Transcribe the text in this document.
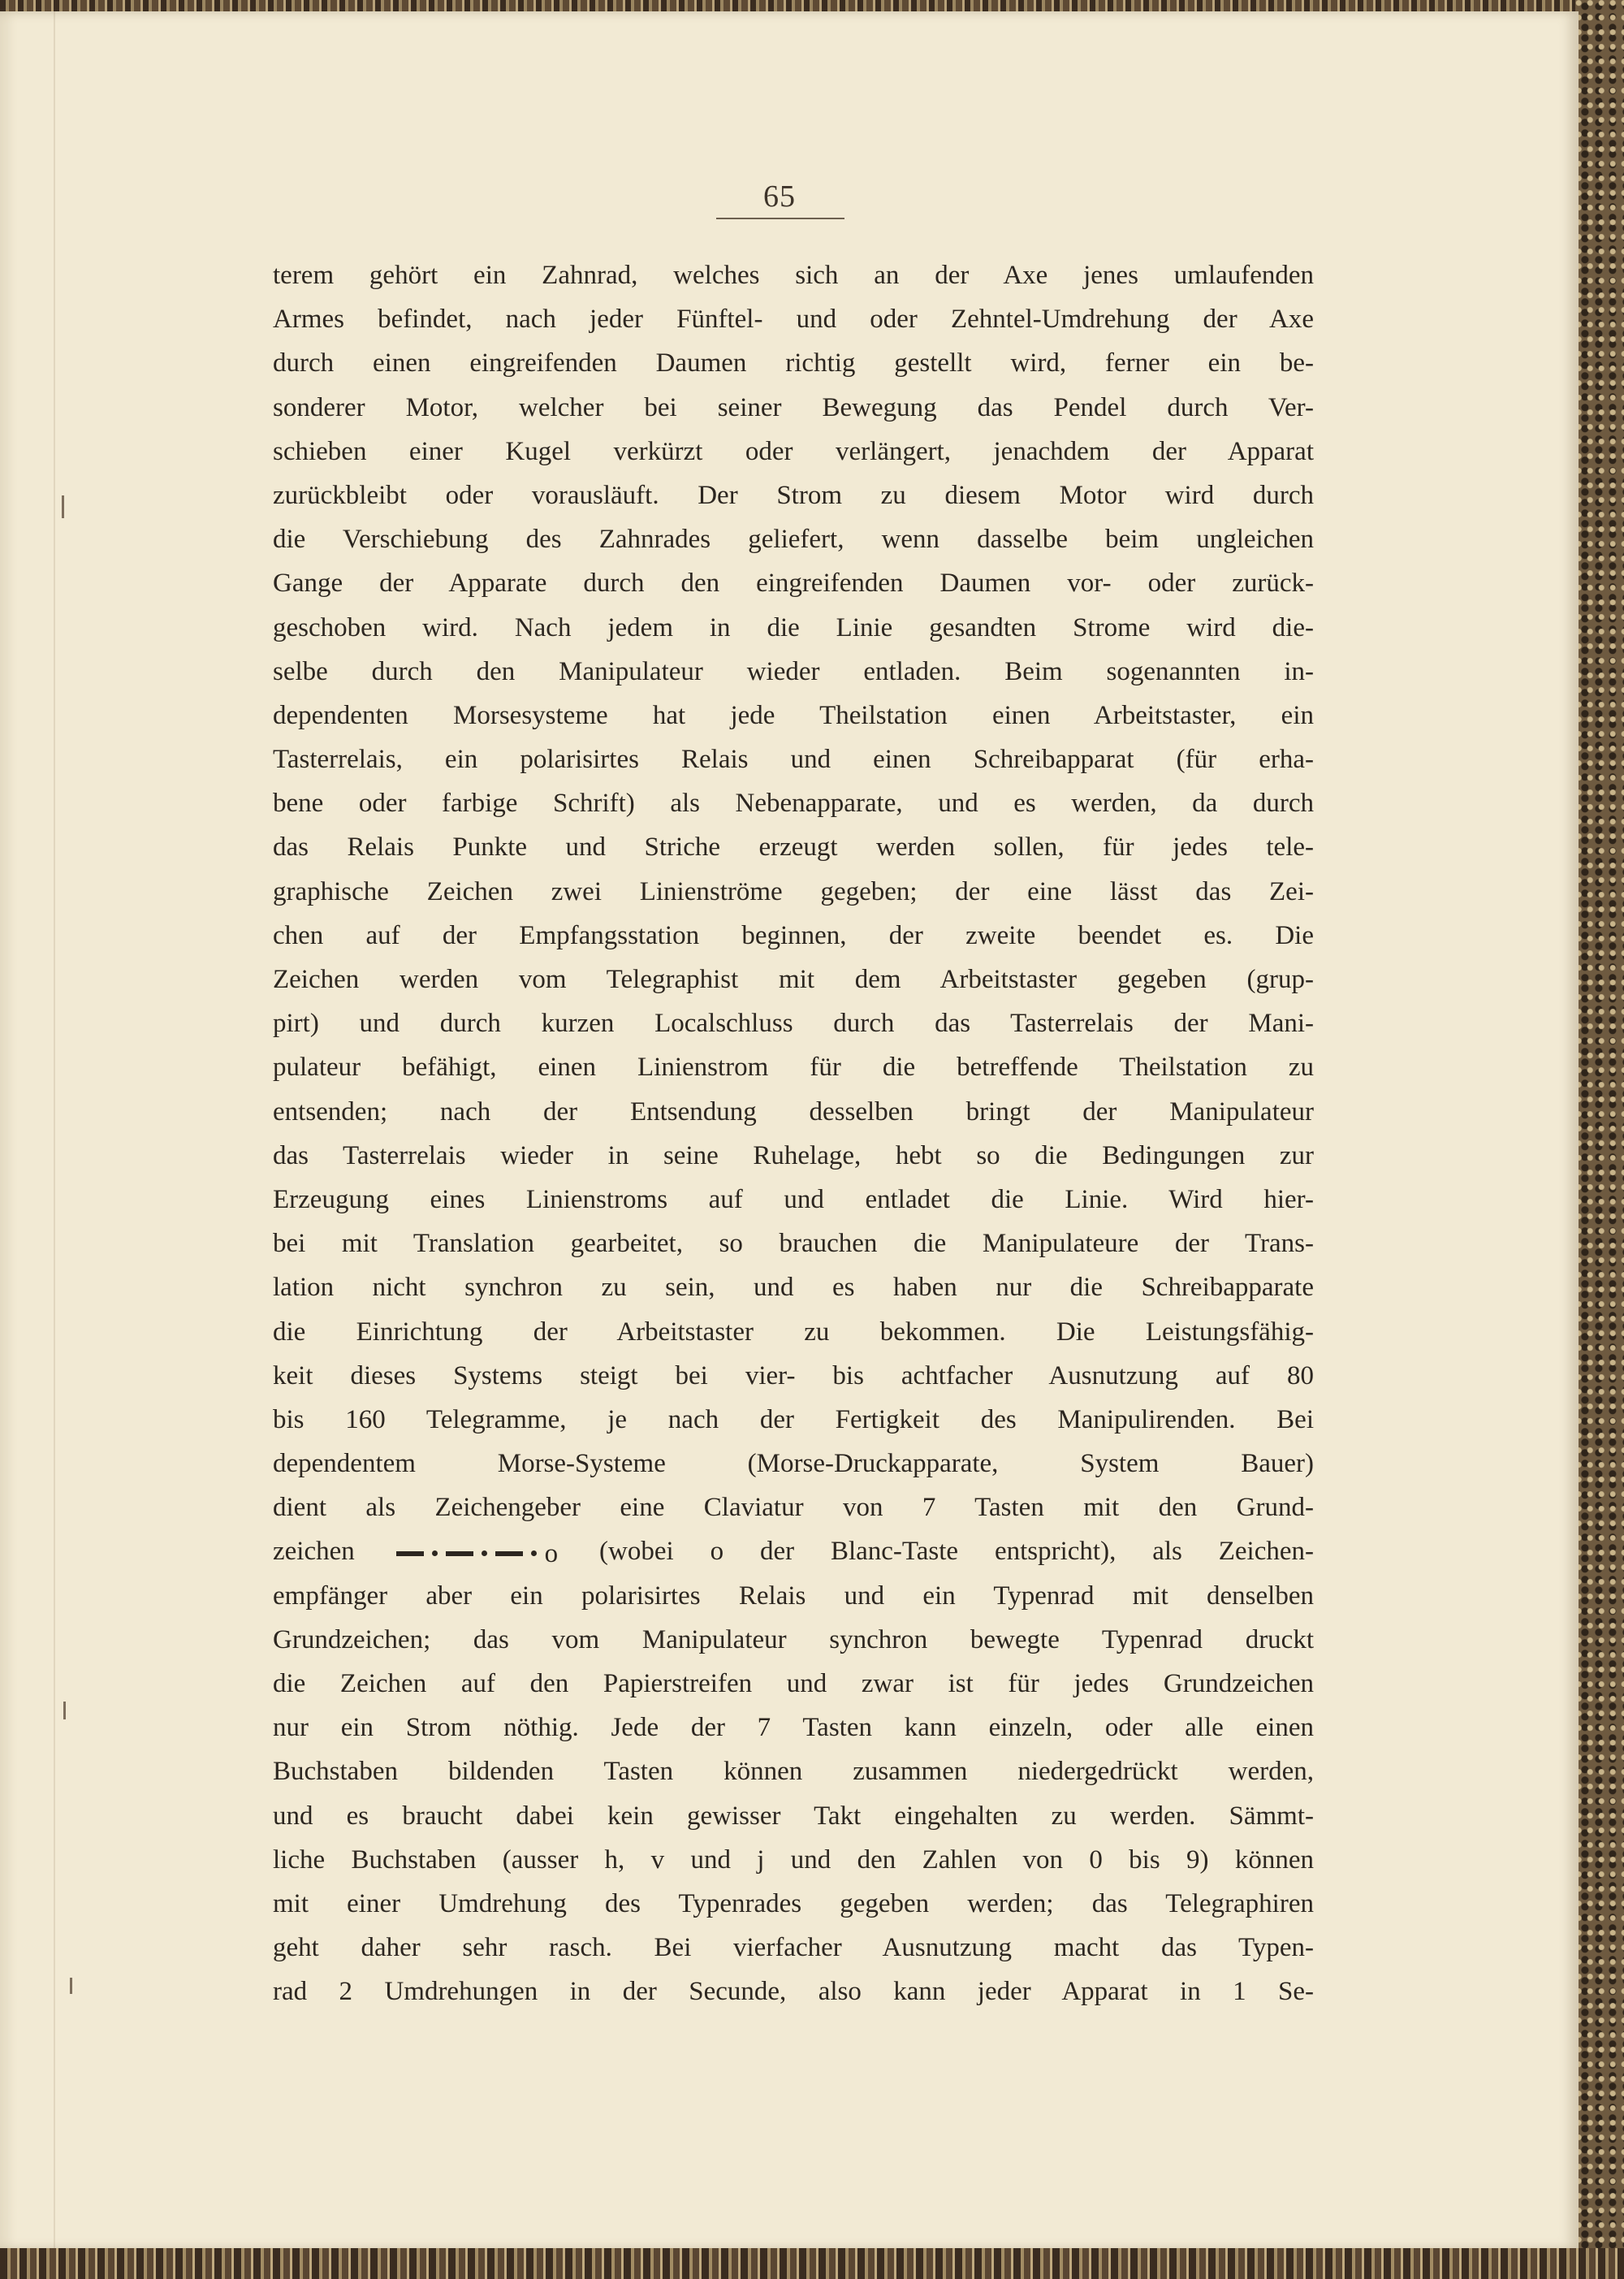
65
terem gehört ein Zahnrad, welches sich an der Axe jenes umlaufenden
Armes befindet, nach jeder Fünftel- und oder Zehntel-Umdrehung der Axe
durch einen eingreifenden Daumen richtig gestellt wird, ferner ein be-
sonderer Motor, welcher bei seiner Bewegung das Pendel durch Ver-
schieben einer Kugel verkürzt oder verlängert, jenachdem der Apparat
zurückbleibt oder vorausläuft. Der Strom zu diesem Motor wird durch
die Verschiebung des Zahnrades geliefert, wenn dasselbe beim ungleichen
Gange der Apparate durch den eingreifenden Daumen vor- oder zurück-
geschoben wird. Nach jedem in die Linie gesandten Strome wird die-
selbe durch den Manipulateur wieder entladen. Beim sogenannten in-
dependenten Morsesysteme hat jede Theilstation einen Arbeitstaster, ein
Tasterrelais, ein polarisirtes Relais und einen Schreibapparat (für erha-
bene oder farbige Schrift) als Nebenapparate, und es werden, da durch
das Relais Punkte und Striche erzeugt werden sollen, für jedes tele-
graphische Zeichen zwei Linienströme gegeben; der eine lässt das Zei-
chen auf der Empfangsstation beginnen, der zweite beendet es. Die
Zeichen werden vom Telegraphist mit dem Arbeitstaster gegeben (grup-
pirt) und durch kurzen Localschluss durch das Tasterrelais der Mani-
pulateur befähigt, einen Linienstrom für die betreffende Theilstation zu
entsenden; nach der Entsendung desselben bringt der Manipulateur
das Tasterrelais wieder in seine Ruhelage, hebt so die Bedingungen zur
Erzeugung eines Linienstroms auf und entladet die Linie. Wird hier-
bei mit Translation gearbeitet, so brauchen die Manipulateure der Trans-
lation nicht synchron zu sein, und es haben nur die Schreibapparate
die Einrichtung der Arbeitstaster zu bekommen. Die Leistungsfähig-
keit dieses Systems steigt bei vier- bis achtfacher Ausnutzung auf 80
bis 160 Telegramme, je nach der Fertigkeit des Manipulirenden. Bei
dependentem Morse-Systeme (Morse-Druckapparate, System Bauer)
dient als Zeichengeber eine Claviatur von 7 Tasten mit den Grund-
zeichen	o (wobei o der Blanc-Taste entspricht), als Zeichen-
empfänger aber ein polarisirtes Relais und ein Typenrad mit denselben
Grundzeichen; das vom Manipulateur synchron bewegte Typenrad druckt
die Zeichen auf den Papierstreifen und zwar ist für jedes Grundzeichen
nur ein Strom nöthig. Jede der 7 Tasten kann einzeln, oder alle einen
Buchstaben bildenden Tasten können zusammen niedergedrückt werden,
und es braucht dabei kein gewisser Takt eingehalten zu werden. Sämmt-
liche Buchstaben (ausser h, v und j und den Zahlen von 0 bis 9) können
mit einer Umdrehung des Typenrades gegeben werden; das Telegraphiren
geht daher sehr rasch. Bei vierfacher Ausnutzung macht das Typen-
rad 2 Umdrehungen in der Secunde, also kann jeder Apparat in 1 Se-
